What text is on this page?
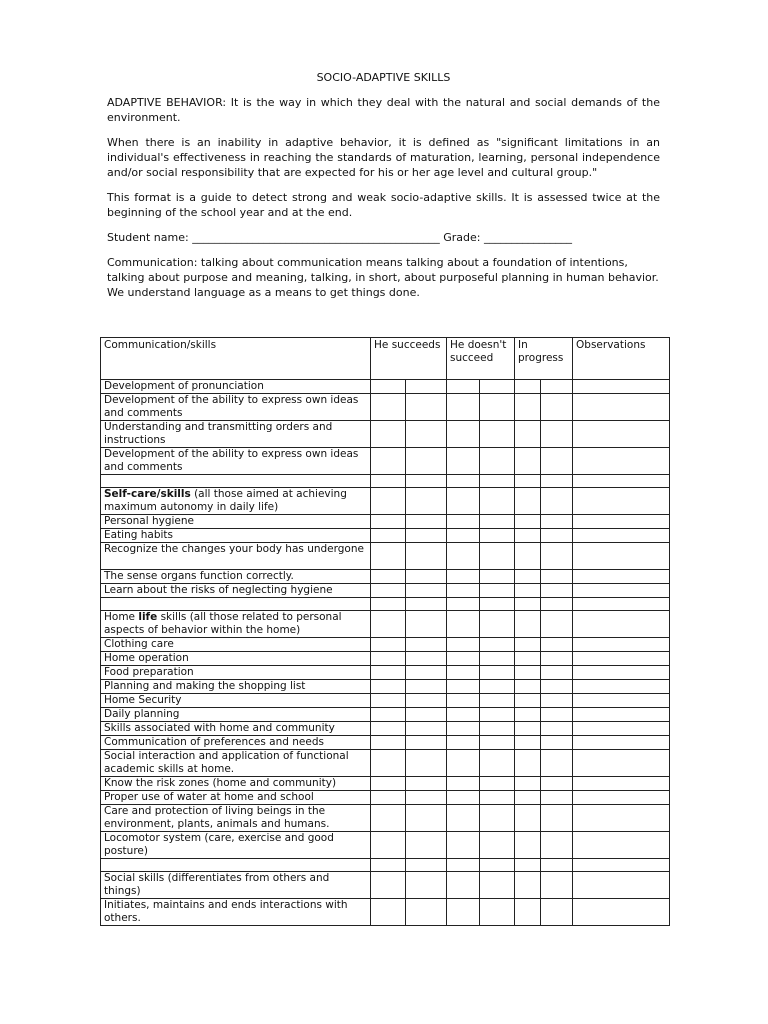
SOCIO-ADAPTIVE SKILLS

ADAPTIVE BEHAVIOR: It is the way in which they deal with the natural and social demands of the environment.

When there is an inability in adaptive behavior, it is defined as "significant limitations in an individual's effectiveness in reaching the standards of maturation, learning, personal independence and/or social responsibility that are expected for his or her age level and cultural group."

This format is a guide to detect strong and weak socio-adaptive skills. It is assessed twice at the beginning of the school year and at the end.

Student name: _____________________________________________ Grade: ________________

Communication: talking about communication means talking about a foundation of intentions, talking about purpose and meaning, talking, in short, about purposeful planning in human behavior. We understand language as a means to get things done.

Communication/skills	He succeeds		He doesn't succeed		In progress		Observations
Development of pronunciation							
Development of the ability to express own ideas and comments							
Understanding and transmitting orders and instructions							
Development of the ability to express own ideas and comments							

Self-care/skills (all those aimed at achieving maximum autonomy in daily life)							
Personal hygiene							
Eating habits							
Recognize the changes your body has undergone							
The sense organs function correctly.							
Learn about the risks of neglecting hygiene							

Home life skills (all those related to personal aspects of behavior within the home)							
Clothing care							
Home operation							
Food preparation							
Planning and making the shopping list							
Home Security							
Daily planning							
Skills associated with home and community							
Communication of preferences and needs							
Social interaction and application of functional academic skills at home.							
Know the risk zones (home and community)							
Proper use of water at home and school							
Care and protection of living beings in the environment, plants, animals and humans.							
Locomotor system (care, exercise and good posture)							

Social skills (differentiates from others and things)							
Initiates, maintains and ends interactions with others.							
